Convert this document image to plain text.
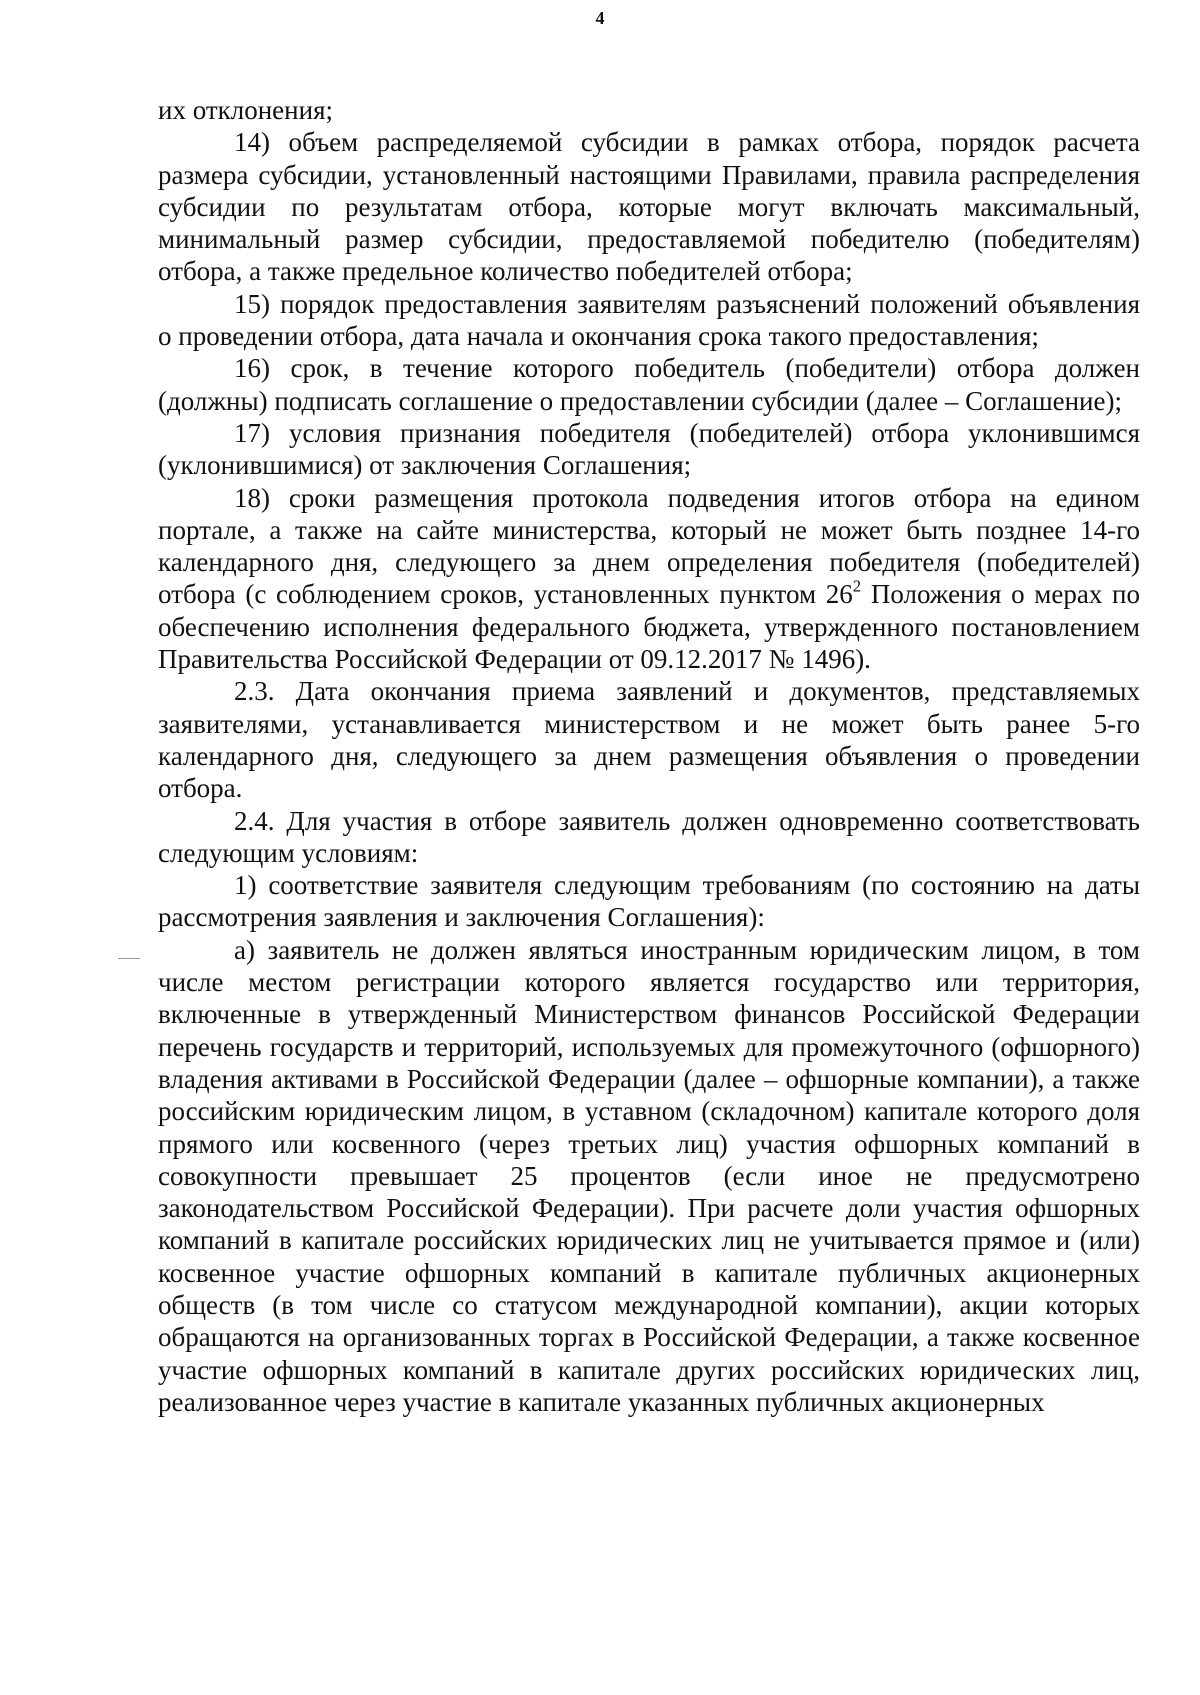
4

их отклонения;

14) объем распределяемой субсидии в рамках отбора, порядок расчета размера субсидии, установленный настоящими Правилами, правила распределения субсидии по результатам отбора, которые могут включать максимальный, минимальный размер субсидии, предоставляемой победителю (победителям) отбора, а также предельное количество победителей отбора;

15) порядок предоставления заявителям разъяснений положений объявления о проведении отбора, дата начала и окончания срока такого предоставления;

16) срок, в течение которого победитель (победители) отбора должен (должны) подписать соглашение о предоставлении субсидии (далее – Соглашение);

17) условия признания победителя (победителей) отбора уклонившимся (уклонившимися) от заключения Соглашения;

18) сроки размещения протокола подведения итогов отбора на едином портале, а также на сайте министерства, который не может быть позднее 14-го календарного дня, следующего за днем определения победителя (победителей) отбора (с соблюдением сроков, установленных пунктом $26^2$ Положения о мерах по обеспечению исполнения федерального бюджета, утвержденного постановлением Правительства Российской Федерации от 09.12.2017 № 1496).

2.3. Дата окончания приема заявлений и документов, представляемых заявителями, устанавливается министерством и не может быть ранее 5-го календарного дня, следующего за днем размещения объявления о проведении отбора.

2.4. Для участия в отборе заявитель должен одновременно соответствовать следующим условиям:

1) соответствие заявителя следующим требованиям (по состоянию на даты рассмотрения заявления и заключения Соглашения):

а) заявитель не должен являться иностранным юридическим лицом, в том числе местом регистрации которого является государство или территория, включенные в утвержденный Министерством финансов Российской Федерации перечень государств и территорий, используемых для промежуточного (офшорного) владения активами в Российской Федерации (далее – офшорные компании), а также российским юридическим лицом, в уставном (складочном) капитале которого доля прямого или косвенного (через третьих лиц) участия офшорных компаний в совокупности превышает 25 процентов (если иное не предусмотрено законодательством Российской Федерации). При расчете доли участия офшорных компаний в капитале российских юридических лиц не учитывается прямое и (или) косвенное участие офшорных компаний в капитале публичных акционерных обществ (в том числе со статусом международной компании), акции которых обращаются на организованных торгах в Российской Федерации, а также косвенное участие офшорных компаний в капитале других российских юридических лиц, реализованное через участие в капитале указанных публичных акционерных
